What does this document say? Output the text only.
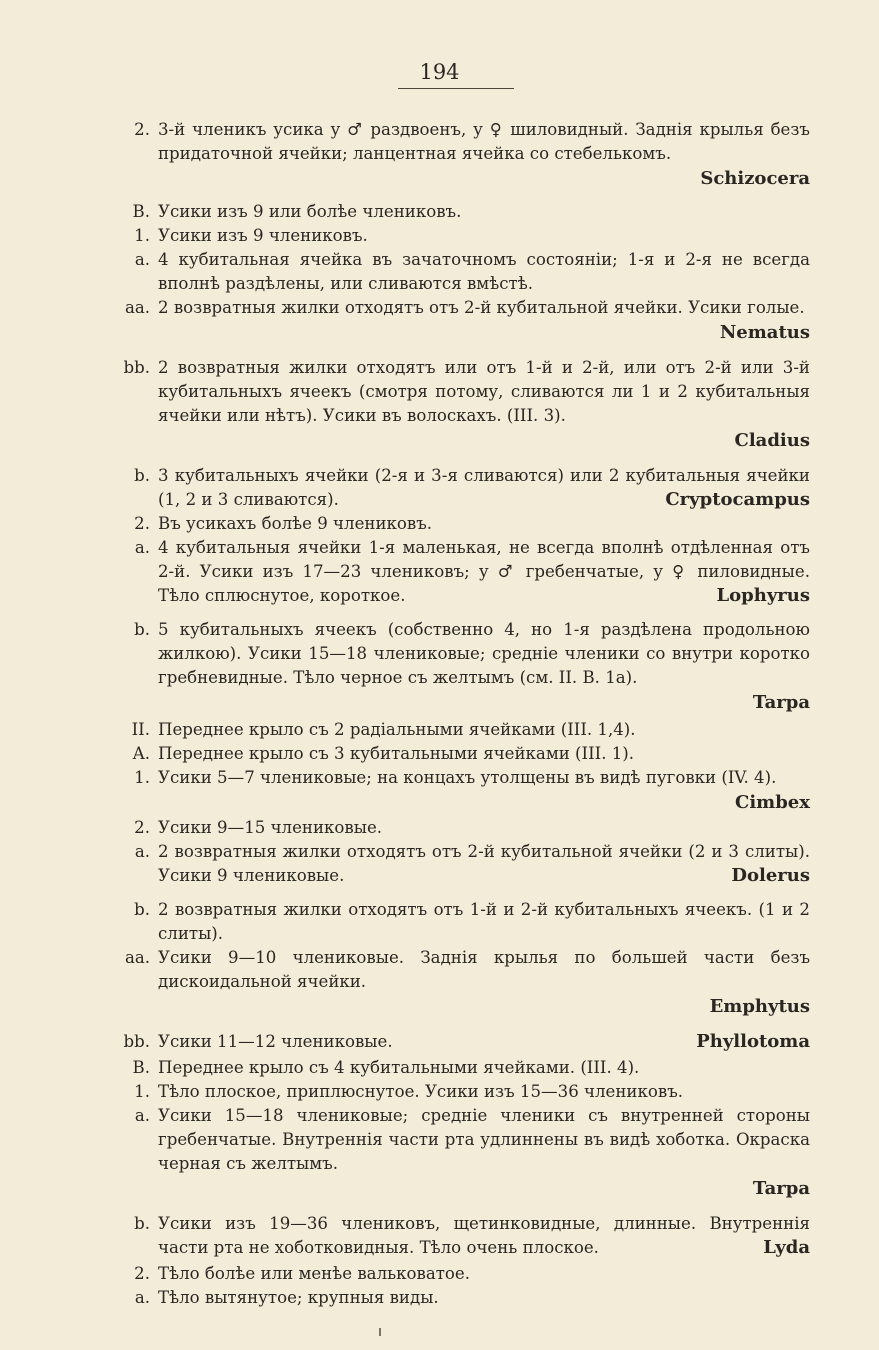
194
2. 3-й членикъ усика у ♂ раздвоенъ, у ♀ шиловидный. Заднія крылья безъ придаточной ячейки; ланцентная ячейка со стебелькомъ.
Schizocera
B. Усики изъ 9 или болѣе члениковъ.
1. Усики изъ 9 члениковъ.
a. 4 кубитальная ячейка въ зачаточномъ состояніи; 1-я и 2-я не всегда вполнѣ раздѣлены, или сливаются вмѣстѣ.
aa. 2 возвратныя жилки отходятъ отъ 2-й кубитальной ячейки. Усики голые.
Nematus
bb. 2 возвратныя жилки отходятъ или отъ 1-й и 2-й, или отъ 2-й или 3-й кубитальныхъ ячеекъ (смотря потому, сливаются ли 1 и 2 кубитальныя ячейки или нѣтъ). Усики въ волоскахъ. (III. 3).
Cladius
b. 3 кубитальныхъ ячейки (2-я и 3-я сливаются) или 2 кубитальныя ячейки (1, 2 и 3 сливаются).	Cryptocampus
2. Въ усикахъ болѣе 9 члениковъ.
a. 4 кубитальныя ячейки 1-я маленькая, не всегда вполнѣ отдѣленная отъ 2-й. Усики изъ 17—23 члениковъ; у ♂ гребенчатые, у ♀ пиловидные. Тѣло сплюснутое, короткое.	Lophyrus
b. 5 кубитальныхъ ячеекъ (собственно 4, но 1-я раздѣлена продольною жилкою). Усики 15—18 члениковые; средніе членики со внутри коротко гребневидные. Тѣло черное съ желтымъ (см. II. B. 1a).
Tarpa
II. Переднее крыло съ 2 радіальными ячейками (III. 1,4).
A. Переднее крыло съ 3 кубитальными ячейками (III. 1).
1. Усики 5—7 члениковые; на концахъ утолщены въ видѣ пуговки (IV. 4).
Cimbex
2. Усики 9—15 члениковые.
a. 2 возвратныя жилки отходятъ отъ 2-й кубитальной ячейки (2 и 3 слиты). Усики 9 члениковые.	Dolerus
b. 2 возвратныя жилки отходятъ отъ 1-й и 2-й кубитальныхъ ячеекъ. (1 и 2 слиты).
aa. Усики 9—10 члениковые. Заднія крылья по большей части безъ дискоидальной ячейки.
Emphytus
bb. Усики 11—12 члениковые.	Phyllotoma
B. Переднее крыло съ 4 кубитальными ячейками. (III. 4).
1. Тѣло плоское, приплюснутое. Усики изъ 15—36 члениковъ.
a. Усики 15—18 члениковые; средніе членики съ внутренней стороны гребенчатые. Внутреннія части рта удлиннены въ видѣ хоботка. Окраска черная съ желтымъ.
Tarpa
b. Усики изъ 19—36 члениковъ, щетинковидные, длинные. Внутреннія части рта не хоботковидныя. Тѣло очень плоское.	Lyda
2. Тѣло болѣе или менѣе вальковатое.
a. Тѣло вытянутое; крупныя виды.
